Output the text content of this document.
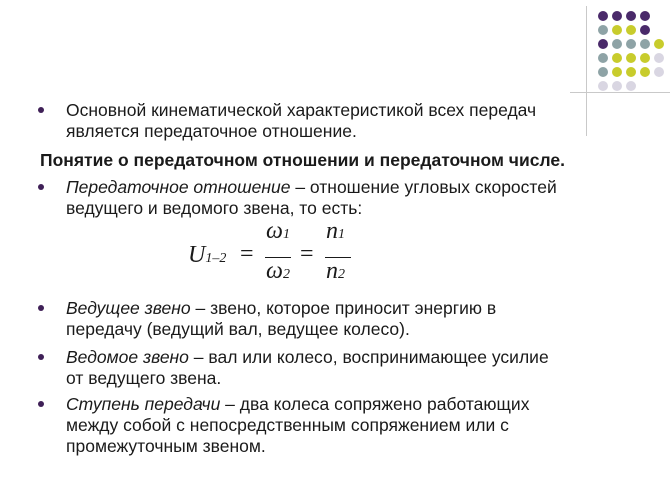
Основной кинематической характеристикой всех передач
является передаточное отношение.
Понятие о передаточном отношении и передаточном числе.
Передаточное отношение – отношение угловых скоростей
ведущего и ведомого звена, то есть:
Ведущее звено – звено, которое приносит энергию в
передачу (ведущий вал, ведущее колесо).
Ведомое звено – вал или колесо, воспринимающее усилие
от ведущего звена.
Ступень передачи – два колеса сопряжено работающих
между собой с непосредственным сопряжением или с
промежуточным звеном.
U1–2 =
ω1
ω2
=
n1
n2
